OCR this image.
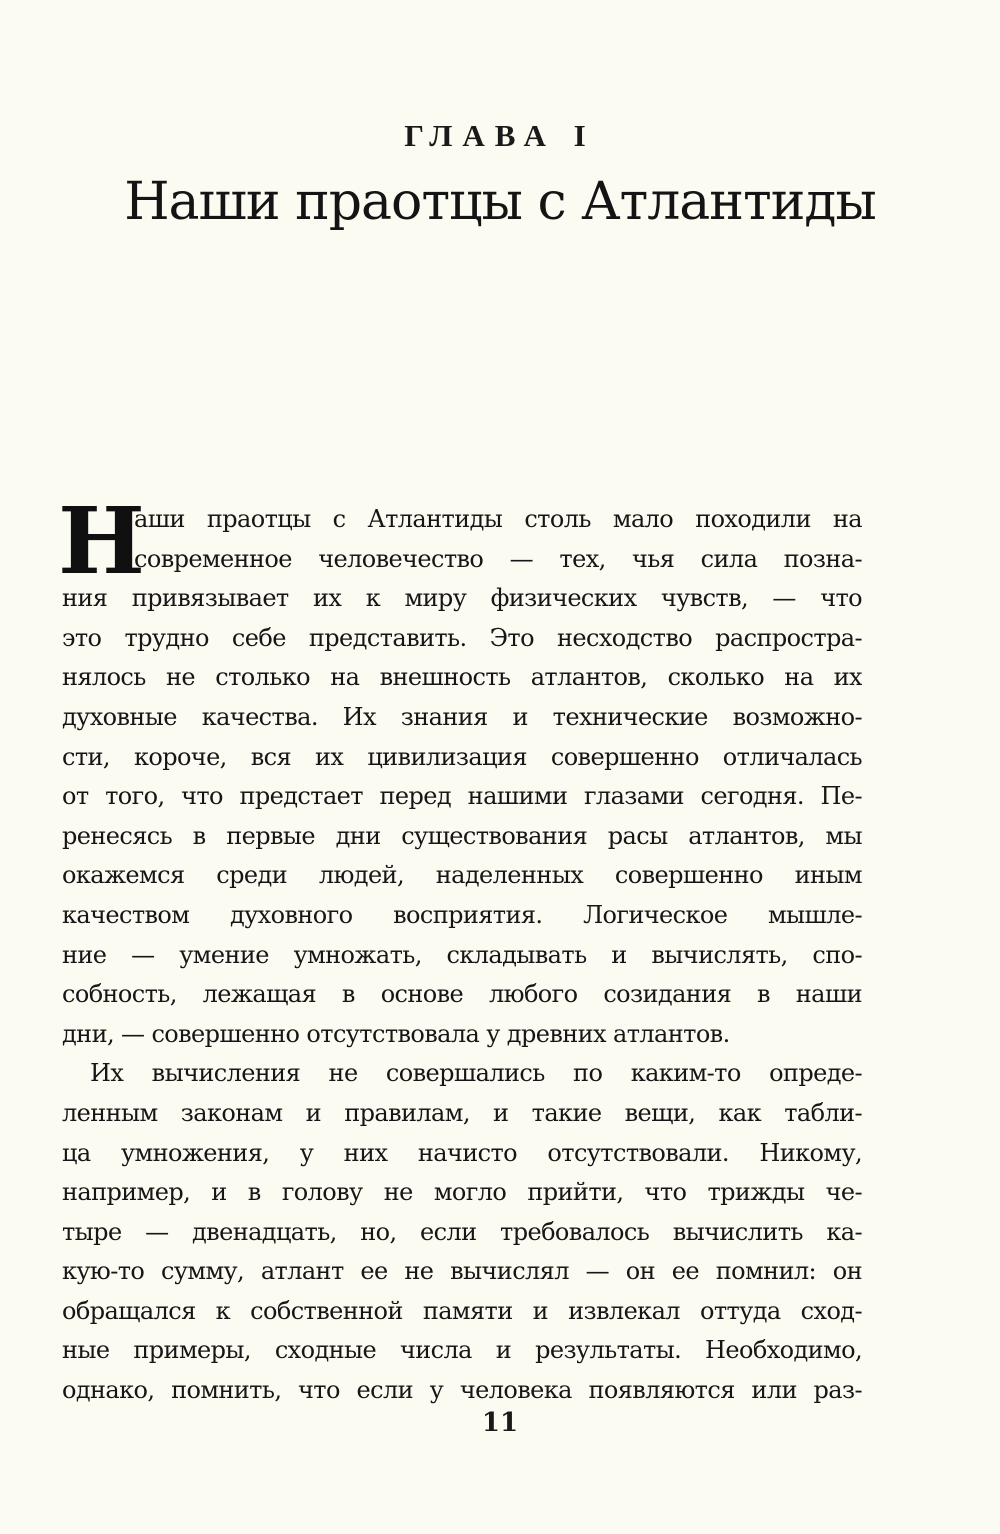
ГЛАВА I
Наши праотцы с Атлантиды
Н
аши праотцы с Атлантиды столь мало походили на
современное человечество — тех, чья сила позна-
ния привязывает их к миру физических чувств, — что
это трудно себе представить. Это несходство распростра-
нялось не столько на внешность атлантов, сколько на их
духовные качества. Их знания и технические возможно-
сти, короче, вся их цивилизация совершенно отличалась
от того, что предстает перед нашими глазами сегодня. Пе-
ренесясь в первые дни существования расы атлантов, мы
окажемся среди людей, наделенных совершенно иным
качеством духовного восприятия. Логическое мышле-
ние — умение умножать, складывать и вычислять, спо-
собность, лежащая в основе любого созидания в наши
дни, — совершенно отсутствовала у древних атлантов.
Их вычисления не совершались по каким-то опреде-
ленным законам и правилам, и такие вещи, как табли-
ца умножения, у них начисто отсутствовали. Никому,
например, и в голову не могло прийти, что трижды че-
тыре — двенадцать, но, если требовалось вычислить ка-
кую-то сумму, атлант ее не вычислял — он ее помнил: он
обращался к собственной памяти и извлекал оттуда сход-
ные примеры, сходные числа и результаты. Необходимо,
однако, помнить, что если у человека появляются или раз-
11
